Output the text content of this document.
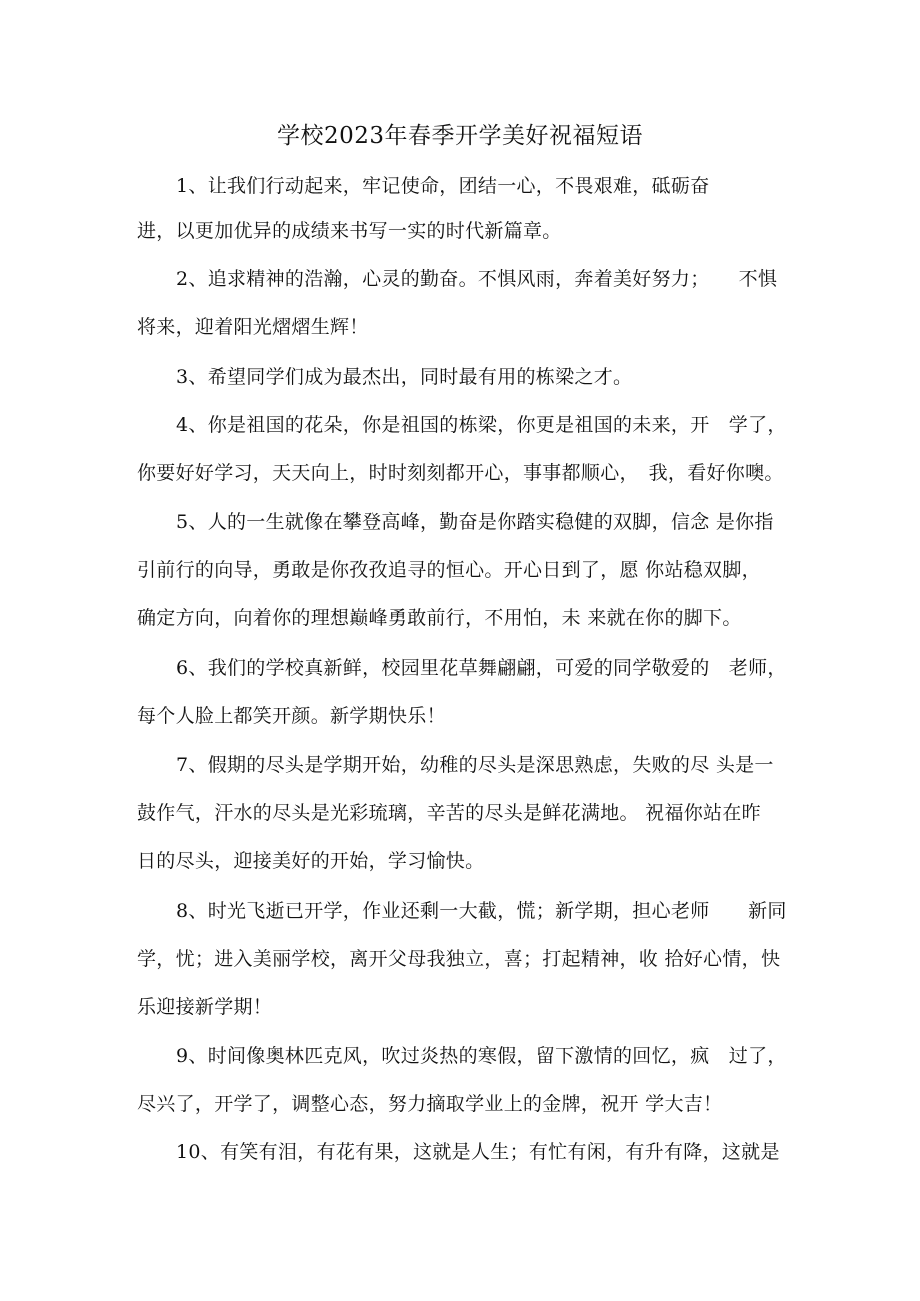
学校2023年春季开学美好祝福短语
1、让我们行动起来，牢记使命，团结一心，不畏艰难，砥砺奋
进，以更加优异的成绩来书写一实的时代新篇章。
2、追求精神的浩瀚，心灵的勤奋。不惧风雨，奔着美好努力；　　不惧
将来，迎着阳光熠熠生辉！
3、希望同学们成为最杰出，同时最有用的栋梁之才。
4、你是祖国的花朵，你是祖国的栋梁，你更是祖国的未来，开　学了，
你要好好学习，天天向上，时时刻刻都开心，事事都顺心，　我，看好你噢。
5、人的一生就像在攀登高峰，勤奋是你踏实稳健的双脚，信念 是你指
引前行的向导，勇敢是你孜孜追寻的恒心。开心日到了，愿 你站稳双脚，
确定方向，向着你的理想巅峰勇敢前行，不用怕，未 来就在你的脚下。
6、我们的学校真新鲜，校园里花草舞翩翩，可爱的同学敬爱的　老师，
每个人脸上都笑开颜。新学期快乐！
7、假期的尽头是学期开始，幼稚的尽头是深思熟虑，失败的尽 头是一
鼓作气，汗水的尽头是光彩琉璃，辛苦的尽头是鲜花满地。 祝福你站在昨
日的尽头，迎接美好的开始，学习愉快。
8、时光飞逝已开学，作业还剩一大截，慌；新学期，担心老师　　新同
学，忧；进入美丽学校，离开父母我独立，喜；打起精神，收 拾好心情，快
乐迎接新学期！
9、时间像奥林匹克风，吹过炎热的寒假，留下激情的回忆，疯　过了，
尽兴了，开学了，调整心态，努力摘取学业上的金牌，祝开 学大吉！
10、有笑有泪，有花有果，这就是人生；有忙有闲，有升有降，这就是
